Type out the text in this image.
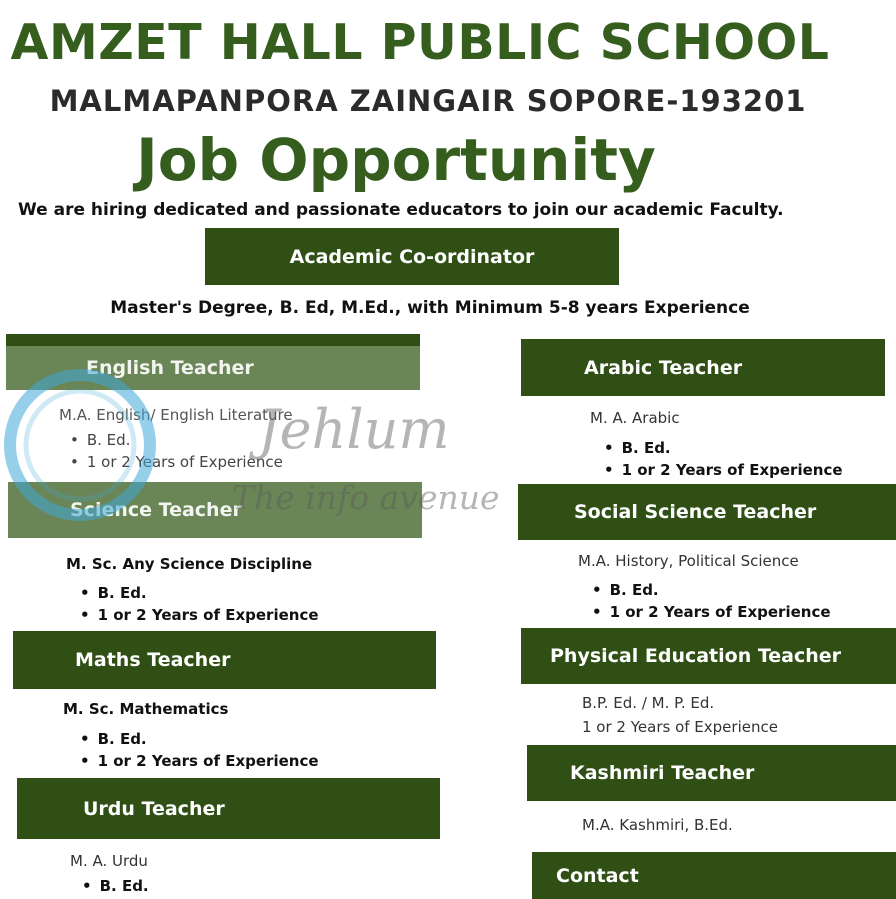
AMZET HALL PUBLIC SCHOOL
MALMAPANPORA ZAINGAIR SOPORE-193201
Job Opportunity
We are hiring dedicated and passionate educators to join our academic Faculty.
Academic Co-ordinator
Master's Degree, B. Ed, M.Ed., with Minimum 5-8 years Experience
English Teacher
M.A. English/ English Literature
• B. Ed.
• 1 or 2 Years of Experience
Science Teacher
M. Sc. Any Science Discipline
• B. Ed.
• 1 or 2 Years of Experience
Maths Teacher
M. Sc. Mathematics
• B. Ed.
• 1 or 2 Years of Experience
Urdu Teacher
M. A. Urdu
• B. Ed.
Arabic Teacher
M. A. Arabic
• B. Ed.
• 1 or 2 Years of Experience
Social Science Teacher
M.A. History, Political Science
• B. Ed.
• 1 or 2 Years of Experience
Physical Education Teacher
B.P. Ed. / M. P. Ed.
1 or 2 Years of Experience
Kashmiri Teacher
M.A. Kashmiri, B.Ed.
Contact
Jehlum
The info avenue
